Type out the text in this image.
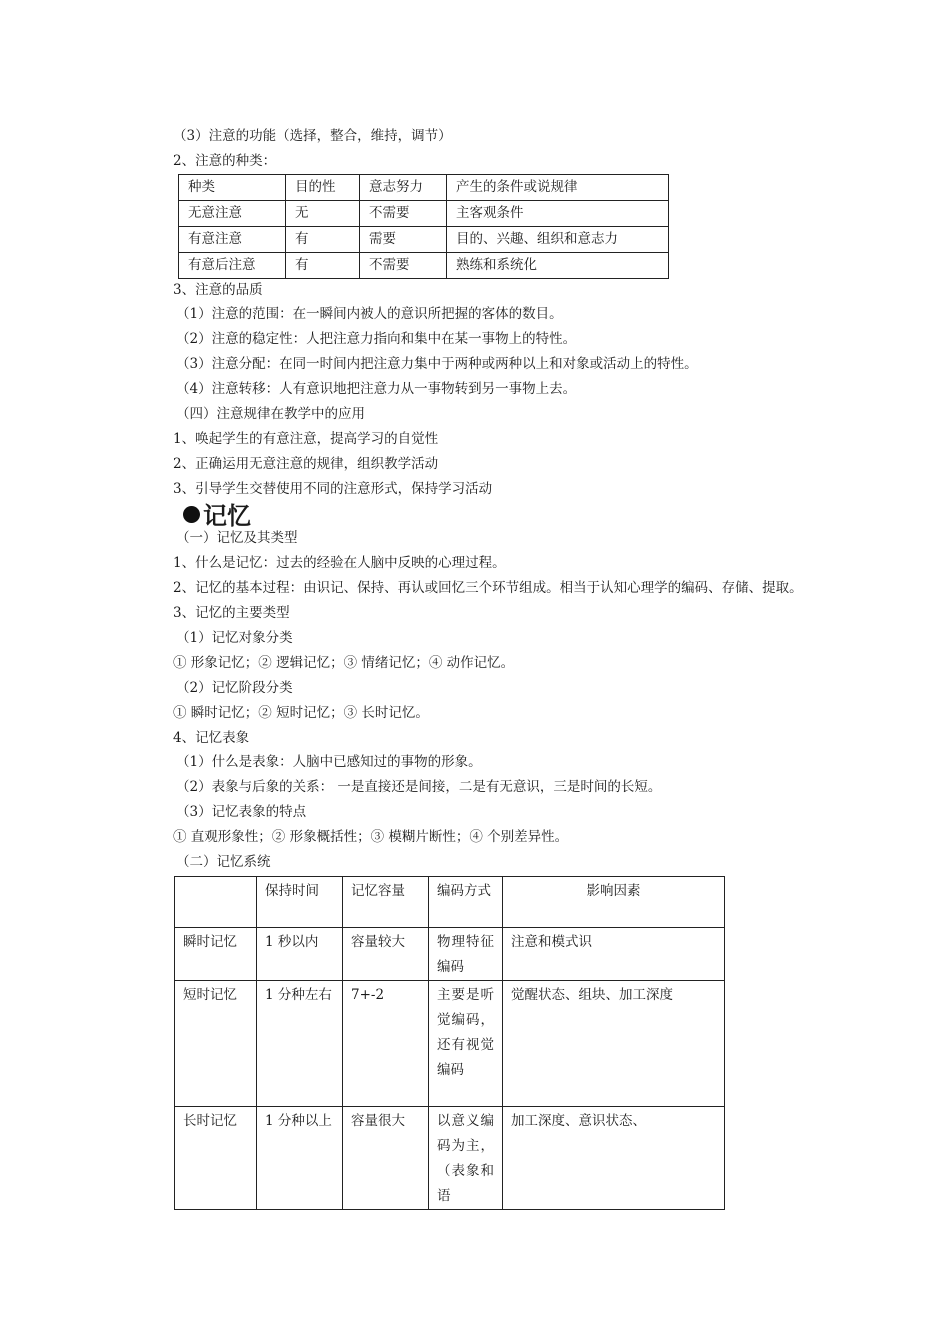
（3）注意的功能（选择，整合，维持，调节）
2、注意的种类：
种类	目的性	意志努力	产生的条件或说规律
无意注意	无	不需要	主客观条件
有意注意	有	需要	目的、兴趣、组织和意志力
有意后注意	有	不需要	熟练和系统化
3、注意的品质
（1）注意的范围：在一瞬间内被人的意识所把握的客体的数目。
（2）注意的稳定性：人把注意力指向和集中在某一事物上的特性。
（3）注意分配：在同一时间内把注意力集中于两种或两种以上和对象或活动上的特性。
（4）注意转移：人有意识地把注意力从一事物转到另一事物上去。
（四）注意规律在教学中的应用
1、唤起学生的有意注意，提高学习的自觉性
2、正确运用无意注意的规律，组织教学活动
3、引导学生交替使用不同的注意形式，保持学习活动
记忆
（一）记忆及其类型
1、什么是记忆：过去的经验在人脑中反映的心理过程。
2、记忆的基本过程：由识记、保持、再认或回忆三个环节组成。相当于认知心理学的编码、存储、提取。
3、记忆的主要类型
（1）记忆对象分类
① 形象记忆；② 逻辑记忆；③ 情绪记忆；④ 动作记忆。
（2）记忆阶段分类
① 瞬时记忆；② 短时记忆；③ 长时记忆。
4、记忆表象
（1）什么是表象：人脑中已感知过的事物的形象。
（2）表象与后象的关系： 一是直接还是间接，二是有无意识，三是时间的长短。
（3）记忆表象的特点
① 直观形象性；② 形象概括性；③ 模糊片断性；④ 个别差异性。
（二）记忆系统
	保持时间	记忆容量	编码方式	影响因素
瞬时记忆	1 秒以内	容量较大	物理特征编码	注意和模式识
短时记忆	1 分种左右	7+-2	主要是听觉编码，还有视觉编码	觉醒状态、组块、加工深度
长时记忆	1 分种以上	容量很大	以意义编码为主，（表象和语	加工深度、意识状态、
